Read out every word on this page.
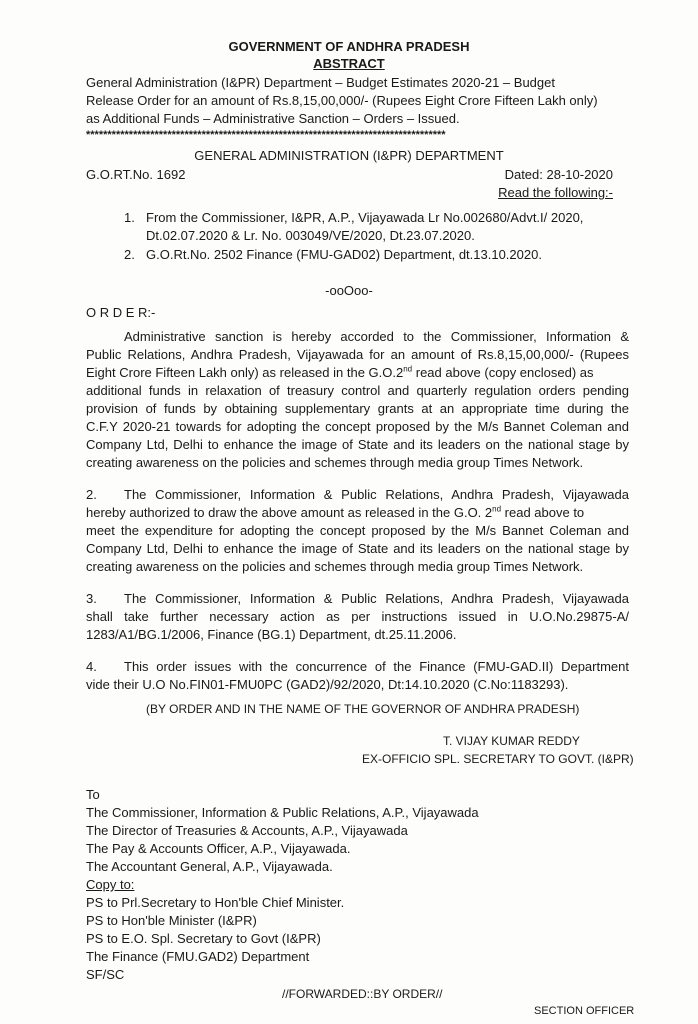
GOVERNMENT OF ANDHRA PRADESH
ABSTRACT
General Administration (I&PR) Department – Budget Estimates 2020-21 – Budget
Release Order for an amount of Rs.8,15,00,000/- (Rupees Eight Crore Fifteen Lakh only)
as Additional Funds – Administrative Sanction – Orders – Issued.
************************************************************************************
GENERAL ADMINISTRATION (I&PR) DEPARTMENT
G.O.RT.No. 1692	Dated: 28-10-2020
Read the following:-
1. From the Commissioner, I&PR, A.P., Vijayawada Lr No.002680/Advt.I/ 2020,
Dt.02.07.2020 & Lr. No. 003049/VE/2020, Dt.23.07.2020.
2. G.O.Rt.No. 2502 Finance (FMU-GAD02) Department, dt.13.10.2020.
-ooOoo-
O R D E R:-
Administrative sanction is hereby accorded to the Commissioner, Information &
Public Relations, Andhra Pradesh, Vijayawada for an amount of Rs.8,15,00,000/- (Rupees
Eight Crore Fifteen Lakh only) as released in the G.O.2nd read above (copy enclosed) as
additional funds in relaxation of treasury control and quarterly regulation orders pending
provision of funds by obtaining supplementary grants at an appropriate time during the
C.F.Y 2020-21 towards for adopting the concept proposed by the M/s Bannet Coleman and
Company Ltd, Delhi to enhance the image of State and its leaders on the national stage by
creating awareness on the policies and schemes through media group Times Network.
2. The Commissioner, Information & Public Relations, Andhra Pradesh, Vijayawada
hereby authorized to draw the above amount as released in the G.O. 2nd read above to
meet the expenditure for adopting the concept proposed by the M/s Bannet Coleman and
Company Ltd, Delhi to enhance the image of State and its leaders on the national stage by
creating awareness on the policies and schemes through media group Times Network.
3. The Commissioner, Information & Public Relations, Andhra Pradesh, Vijayawada
shall take further necessary action as per instructions issued in U.O.No.29875-A/
1283/A1/BG.1/2006, Finance (BG.1) Department, dt.25.11.2006.
4. This order issues with the concurrence of the Finance (FMU-GAD.II) Department
vide their U.O No.FIN01-FMU0PC (GAD2)/92/2020, Dt:14.10.2020 (C.No:1183293).
(BY ORDER AND IN THE NAME OF THE GOVERNOR OF ANDHRA PRADESH)
T. VIJAY KUMAR REDDY
EX-OFFICIO SPL. SECRETARY TO GOVT. (I&PR)
To
The Commissioner, Information & Public Relations, A.P., Vijayawada
The Director of Treasuries & Accounts, A.P., Vijayawada
The Pay & Accounts Officer, A.P., Vijayawada.
The Accountant General, A.P., Vijayawada.
Copy to:
PS to Prl.Secretary to Hon'ble Chief Minister.
PS to Hon'ble Minister (I&PR)
PS to E.O. Spl. Secretary to Govt (I&PR)
The Finance (FMU.GAD2) Department
SF/SC
//FORWARDED::BY ORDER//
SECTION OFFICER
